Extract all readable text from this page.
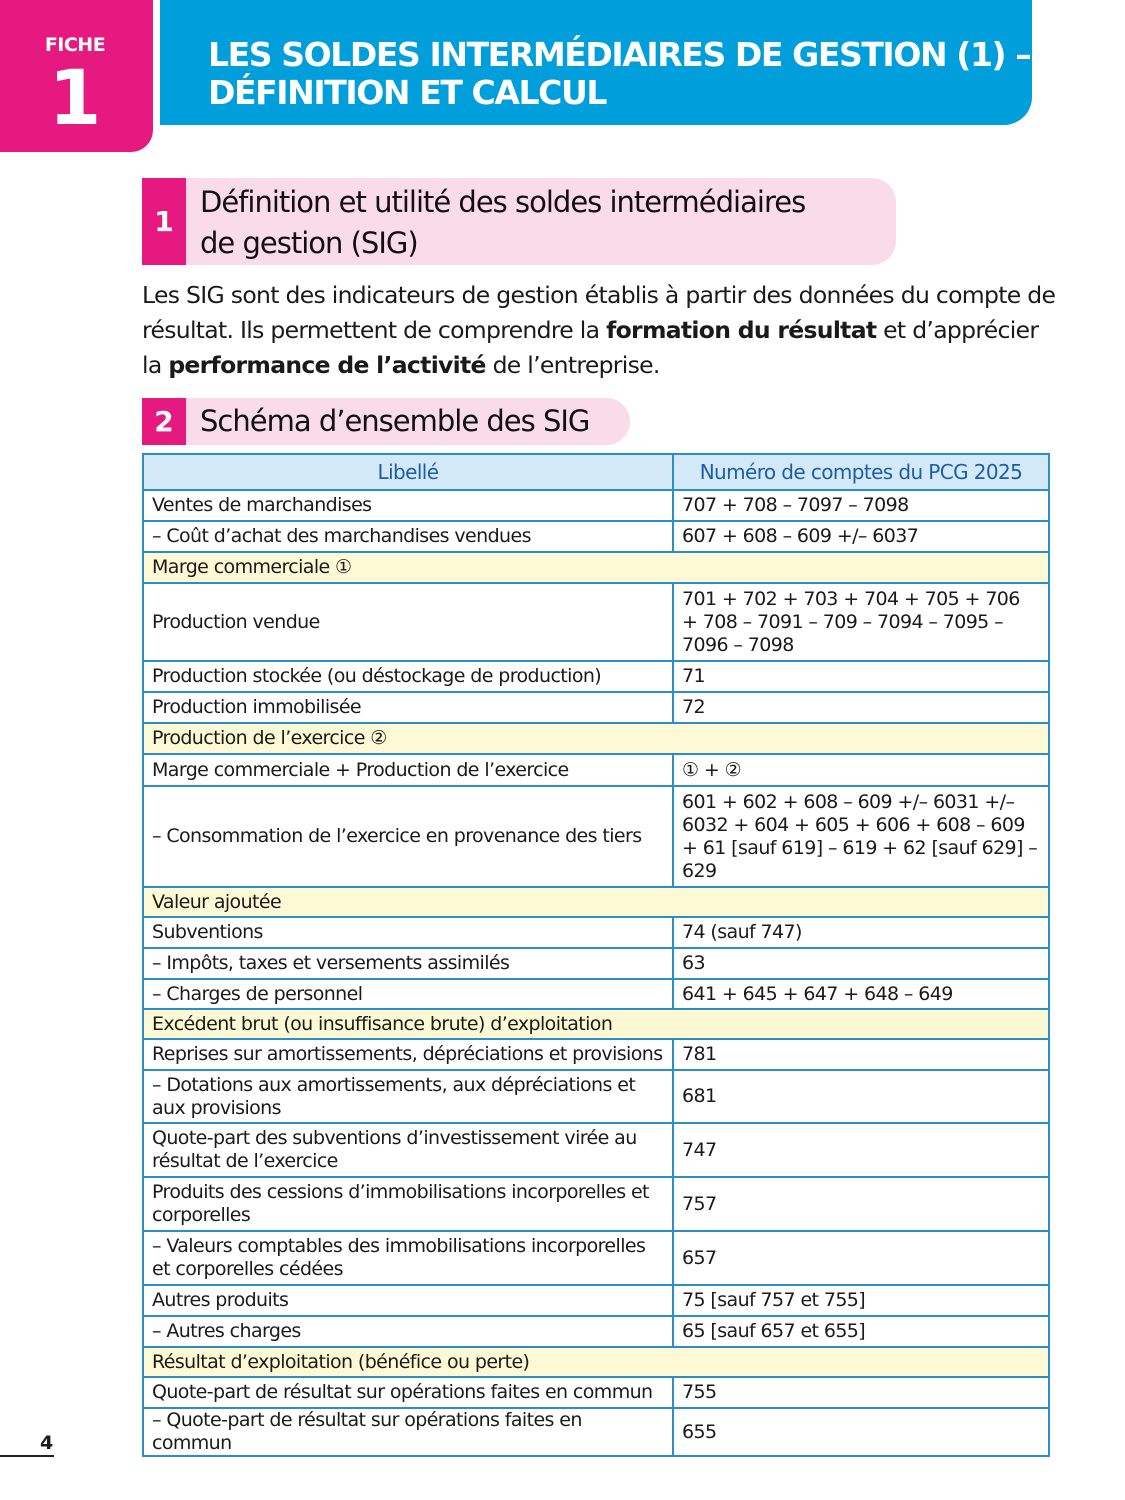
FICHE
1	LES SOLDES INTERMÉDIAIRES DE GESTION (1) –
DÉFINITION ET CALCUL
1
Définition et utilité des soldes intermédiaires
de gestion (SIG)
Les SIG sont des indicateurs de gestion établis à partir des données du compte de résultat. Ils permettent de comprendre la formation du résultat et d’apprécier la performance de l’activité de l’entreprise.
2 Schéma d’ensemble des SIG
Libellé	Numéro de comptes du PCG 2025
Ventes de marchandises	707 + 708 – 7097 – 7098
– Coût d’achat des marchandises vendues	607 + 608 – 609 +/– 6037
Marge commerciale ①	
Production vendue	701 + 702 + 703 + 704 + 705 + 706 + 708 – 7091 – 709 – 7094 – 7095 – 7096 – 7098
Production stockée (ou déstockage de production)	71
Production immobilisée	72
Production de l’exercice ②	
Marge commerciale + Production de l’exercice	① + ②
– Consommation de l’exercice en provenance des tiers	601 + 602 + 608 – 609 +/– 6031 +/– 6032 + 604 + 605 + 606 + 608 – 609 + 61 [sauf 619] – 619 + 62 [sauf 629] – 629
Valeur ajoutée	
Subventions	74 (sauf 747)
– Impôts, taxes et versements assimilés	63
– Charges de personnel	641 + 645 + 647 + 648 – 649
Excédent brut (ou insuffisance brute) d’exploitation	
Reprises sur amortissements, dépréciations et provisions	781
– Dotations aux amortissements, aux dépréciations et aux provisions	681
Quote-part des subventions d’investissement virée au résultat de l’exercice	747
Produits des cessions d’immobilisations incorporelles et corporelles	757
– Valeurs comptables des immobilisations incorporelles et corporelles cédées	657
Autres produits	75 [sauf 757 et 755]
– Autres charges	65 [sauf 657 et 655]
Résultat d’exploitation (bénéfice ou perte)	
Quote-part de résultat sur opérations faites en commun	755
– Quote-part de résultat sur opérations faites en commun	655
4
